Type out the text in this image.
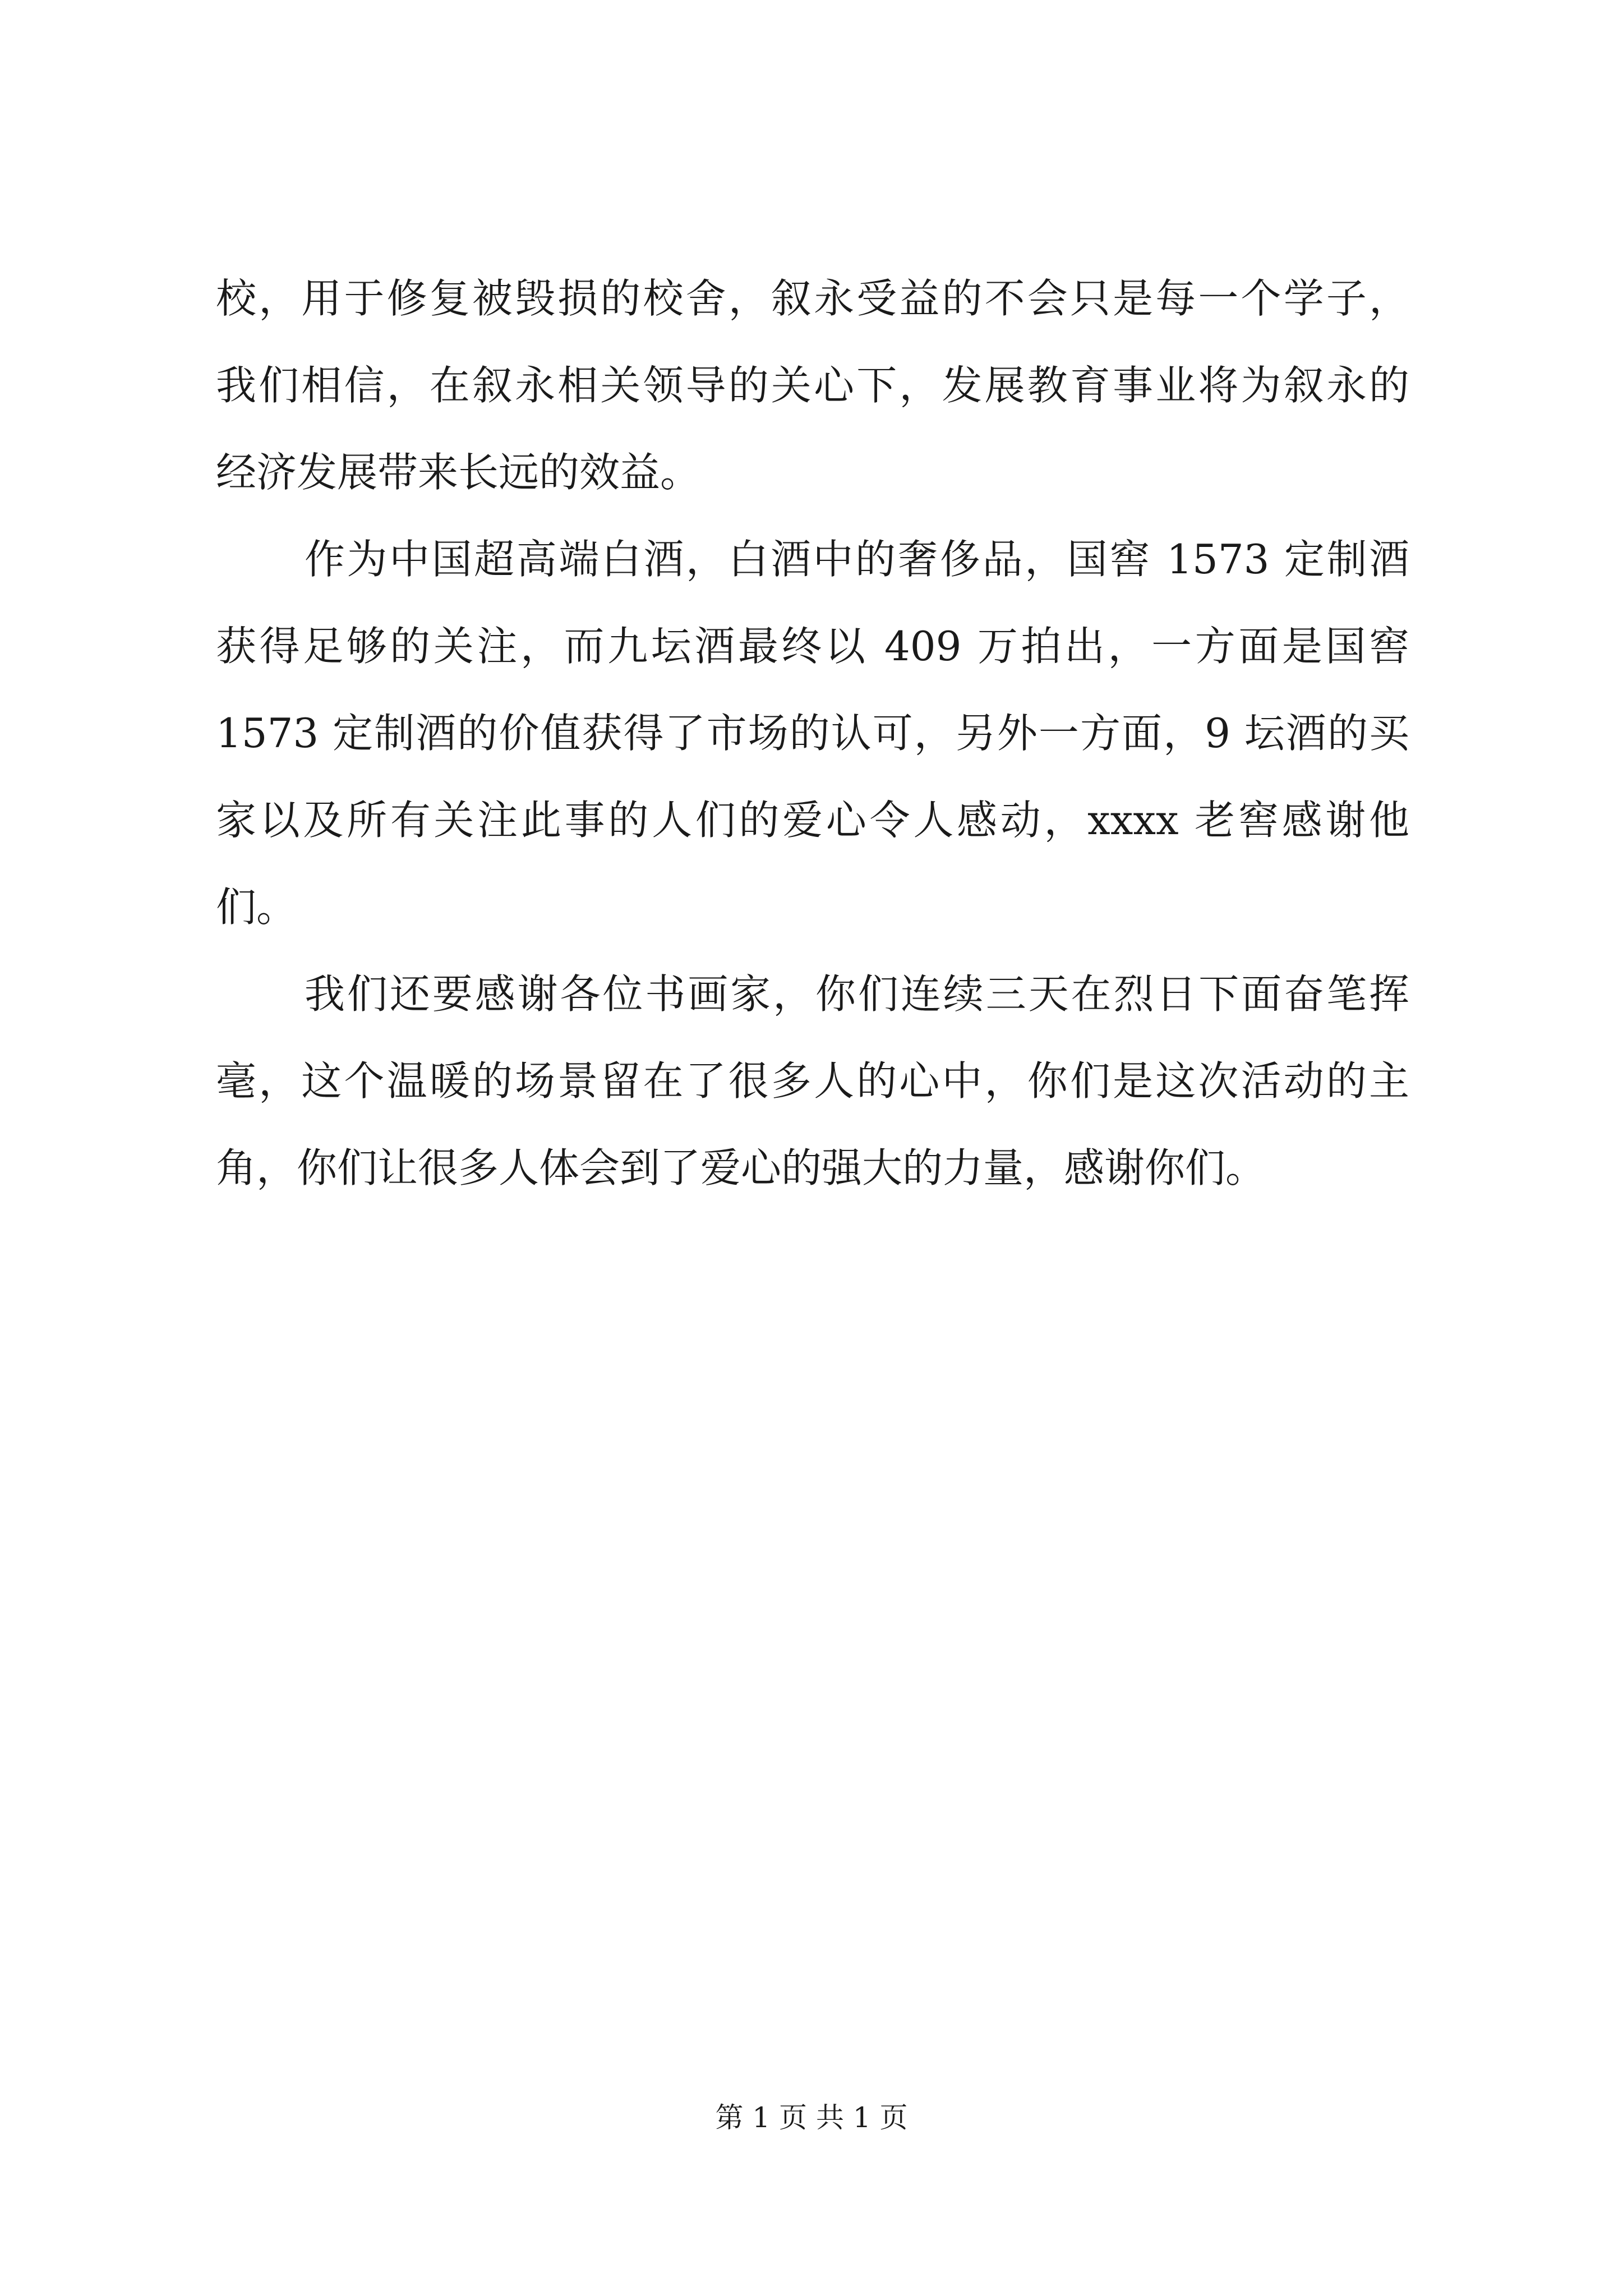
校，用于修复被毁损的校舍，叙永受益的不会只是每一个学子，
我们相信，在叙永相关领导的关心下，发展教育事业将为叙永的
经济发展带来长远的效益。
作为中国超高端白酒，白酒中的奢侈品，国窖 1573 定制酒
获得足够的关注，而九坛酒最终以 409 万拍出，一方面是国窖
1573 定制酒的价值获得了市场的认可，另外一方面，9 坛酒的买
家以及所有关注此事的人们的爱心令人感动，xxxx 老窖感谢他
们。
我们还要感谢各位书画家，你们连续三天在烈日下面奋笔挥
毫，这个温暖的场景留在了很多人的心中，你们是这次活动的主
角，你们让很多人体会到了爱心的强大的力量，感谢你们。
第 1 页 共 1 页
